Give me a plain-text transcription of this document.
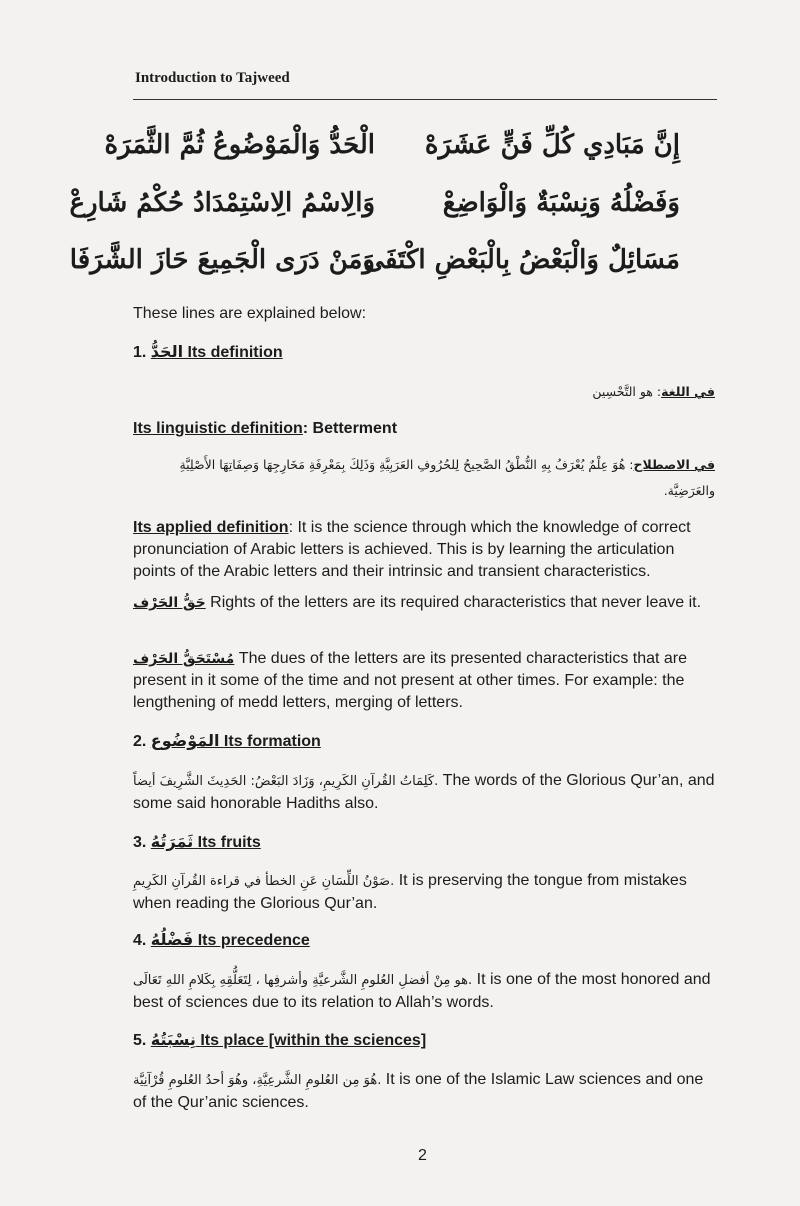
Introduction to Tajweed
إِنَّ مَبَادِي كُلِّ فَنٍّ عَشَرَهْ
الْحَدُّ وَالْمَوْضُوعُ ثُمَّ الثَّمَرَهْ
وَفَضْلُهُ وَنِسْبَةٌ وَالْوَاضِعْ
وَالِاسْمُ الِاسْتِمْدَادُ حُكْمُ شَارِعْ
مَسَائِلٌ وَالْبَعْضُ بِالْبَعْضِ اكْتَفَى
وَمَنْ دَرَى الْجَمِيعَ حَازَ الشَّرَفَا
These lines are explained below:
1. الحَدُّ Its definition
في اللغة: هو التَّحْسِين
Its linguistic definition: Betterment
في الاصطلاح: هُوَ عِلْمٌ يُعْرَفُ بِهِ النُّطْقُ الصَّحِيحُ لِلحُرُوفِ العَرَبِيَّةِ وَذَلِكَ بِمَعْرِفَةِ مَخَارِجِهَا وَصِفَاتِهَا الأَصْلِيَّةِ
والعَرَضِيَّة.
Its applied definition: It is the science through which the knowledge of correct pronunciation of Arabic letters is achieved. This is by learning the articulation points of the Arabic letters and their intrinsic and transient characteristics.
حَقُّ الحَرْف Rights of the letters are its required characteristics that never leave it.
مُسْتَحَقُّ الحَرْف The dues of the letters are its presented characteristics that are present in it some of the time and not present at other times. For example: the lengthening of medd letters, merging of letters.
2. المَوْضُوع Its formation
كَلِمَاتُ القُرآنِ الكَرِيمِ، وَزَادَ البَعْضُ: الحَدِيثَ الشَّرِيفَ أيضاً. The words of the Glorious Qur’an, and some said honorable Hadiths also.
3. ثَمَرَتُهُ Its fruits
صَوْنُ اللِّسَانِ عَنِ الخطأ في قراءة القُرآنِ الكَرِيمِ. It is preserving the tongue from mistakes when reading the Glorious Qur’an.
4. فَضْلُهُ Its precedence
هو مِنْ أفضلِ العُلومِ الشَّرعيَّةِ وأشرفِها ، لِتَعَلُّقِهِ بِكَلامِ اللهِ تَعَالَى. It is one of the most honored and best of sciences due to its relation to Allah’s words.
5. نِسْبَتُهُ Its place [within the sciences]
هُوَ مِن العُلومِ الشَّرعِيَّةِ، وهُوَ أحدُ العُلومِ قُرْآنِيَّة. It is one of the Islamic Law sciences and one of the Qur’anic sciences.
2
